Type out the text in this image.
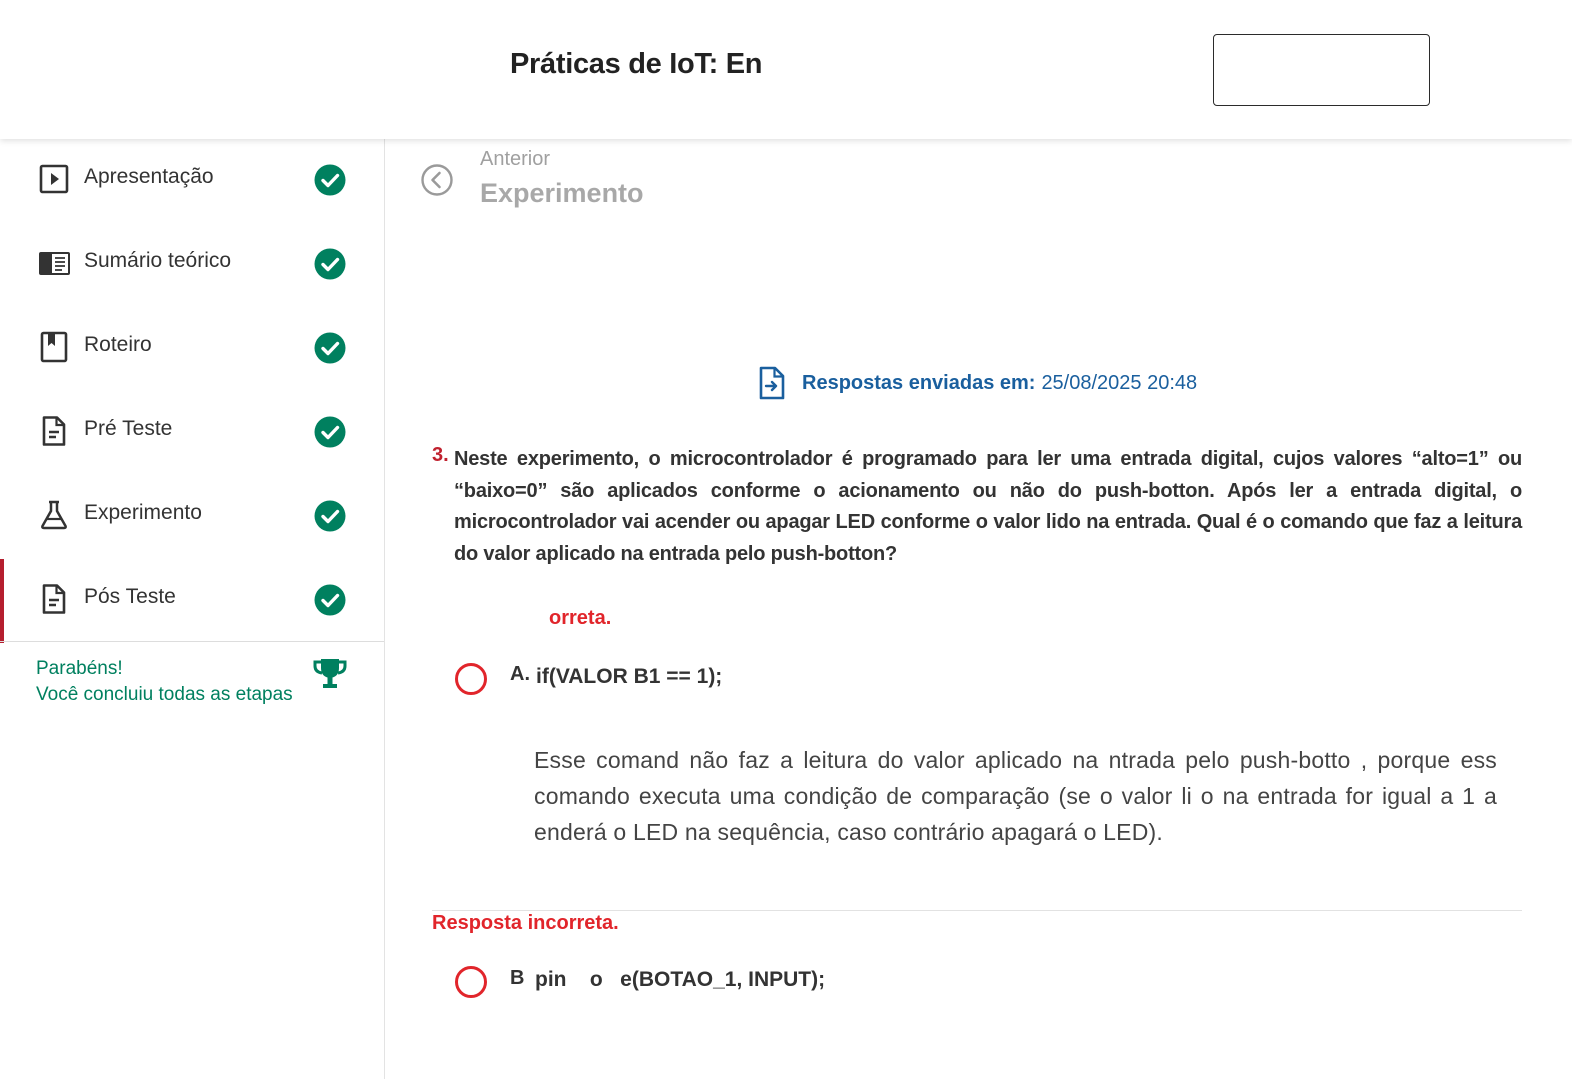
Práticas de IoT: En
Apresentação
Sumário teórico
Roteiro
Pré Teste
Experimento
Pós Teste
Parabéns!
Você concluiu todas as etapas
Anterior
Experimento
Respostas enviadas em: 25/08/2025 20:48
3. Neste experimento, o microcontrolador é programado para ler uma entrada digital, cujos valores “alto=1” ou “baixo=0” são aplicados conforme o acionamento ou não do push-botton. Após ler a entrada digital, o microcontrolador vai acender ou apagar LED conforme o valor lido na entrada. Qual é o comando que faz a leitura do valor aplicado na entrada pelo push-botton?
orreta.
A. if(VALOR B1 == 1);
Esse comand não faz a leitura do valor aplicado na ntrada pelo push-botto , porque ess comando executa uma condição de comparação (se o valor li o na entrada for igual a 1 a enderá o LED na sequência, caso contrário apagará o LED).
Resposta incorreta.
B pin    o   e(BOTAO_1, INPUT);
